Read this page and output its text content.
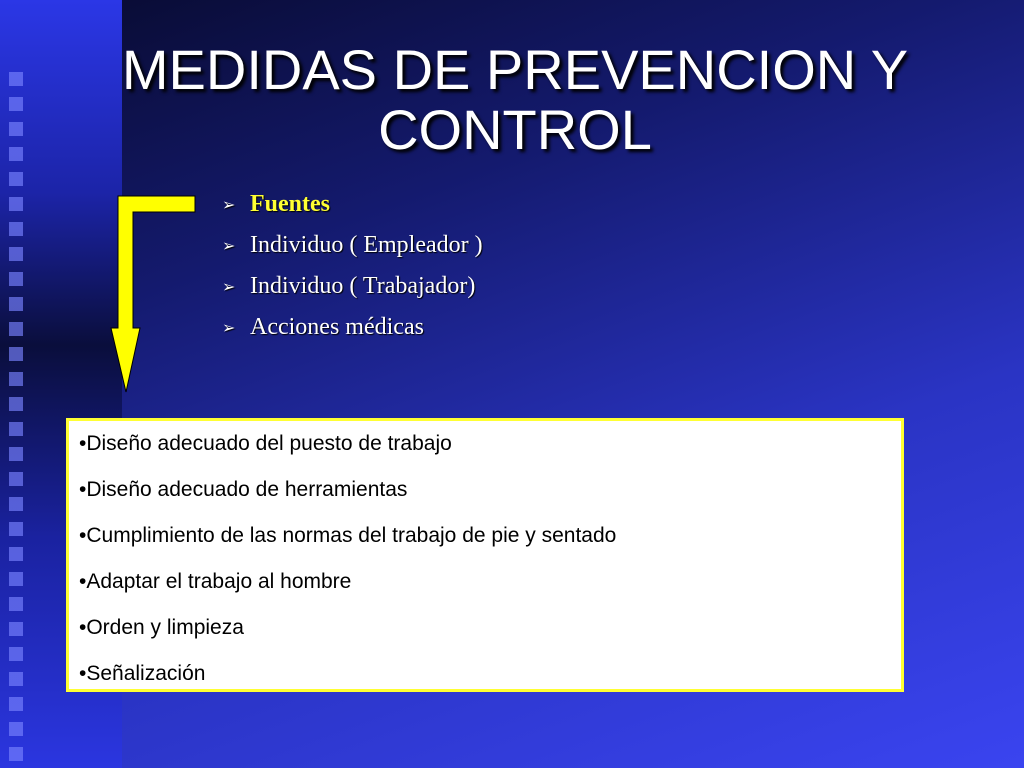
MEDIDAS DE PREVENCION Y CONTROL
➢ Fuentes
➢ Individuo ( Empleador )
➢ Individuo ( Trabajador)
➢ Acciones médicas
•Diseño adecuado del puesto de trabajo
•Diseño adecuado de herramientas
•Cumplimiento de las normas del trabajo de pie y sentado
•Adaptar el trabajo al hombre
•Orden y limpieza
•Señalización
